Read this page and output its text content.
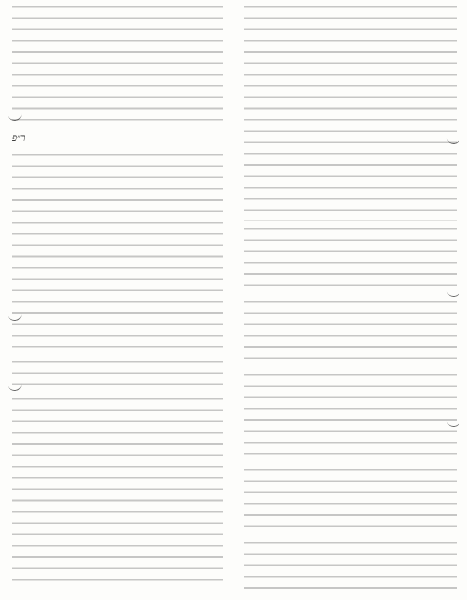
ר״פ
